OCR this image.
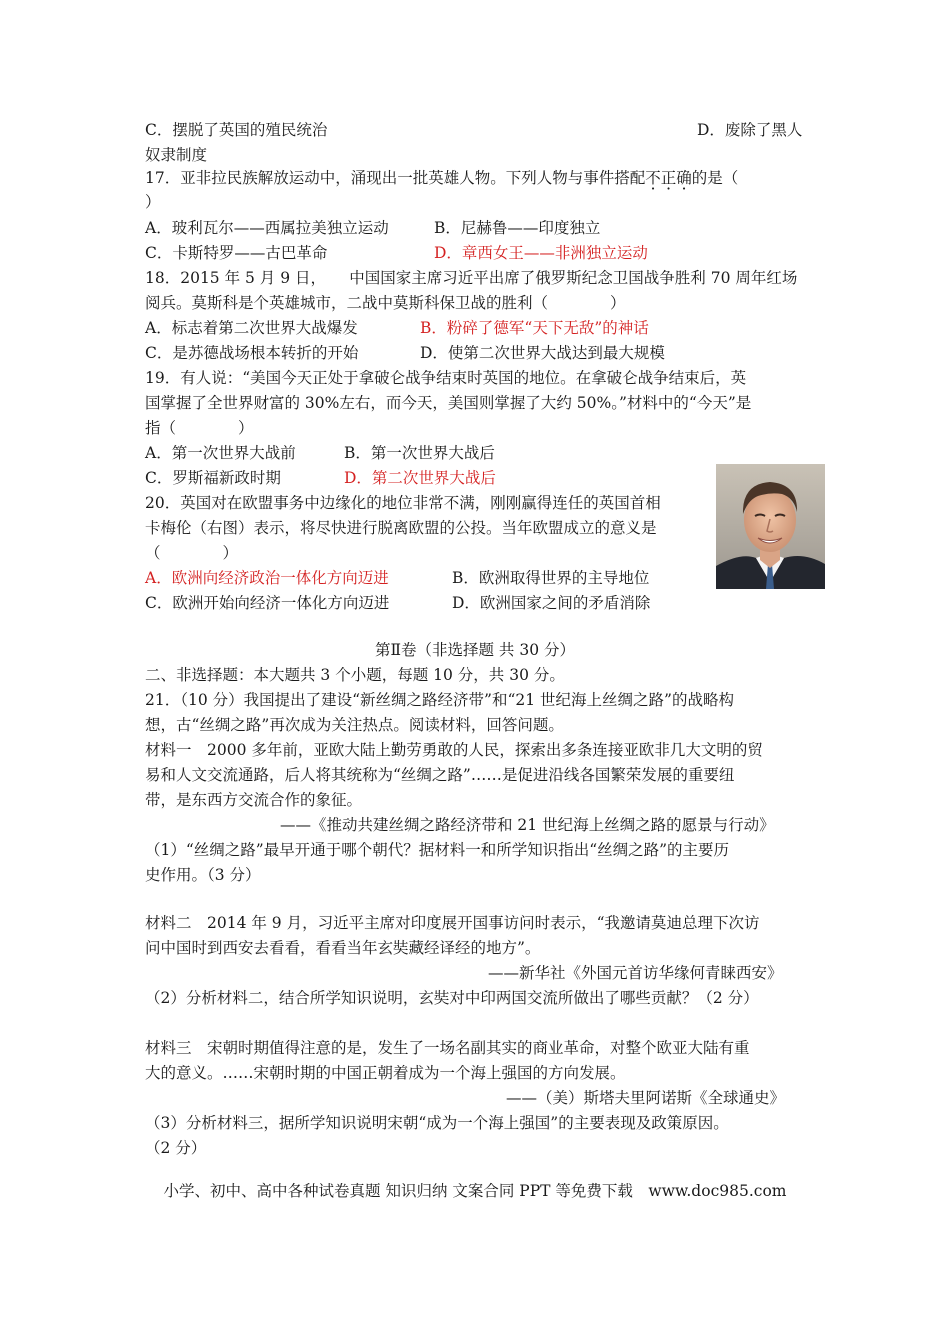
C．摆脱了英国的殖民统治	D．废除了黑人
奴隶制度
17．亚非拉民族解放运动中，涌现出一批英雄人物。下列人物与事件搭配不正确的是（
）
A．玻利瓦尔——西属拉美独立运动	B．尼赫鲁——印度独立
C．卡斯特罗——古巴革命	D．章西女王——非洲独立运动
18．2015 年 5 月 9 日，　　中国国家主席习近平出席了俄罗斯纪念卫国战争胜利 70 周年红场
阅兵。莫斯科是个英雄城市，二战中莫斯科保卫战的胜利（　　　　）
A．标志着第二次世界大战爆发	B．粉碎了德军“天下无敌”的神话
C．是苏德战场根本转折的开始	D．使第二次世界大战达到最大规模
19．有人说：“美国今天正处于拿破仑战争结束时英国的地位。在拿破仑战争结束后，英
国掌握了全世界财富的 30%左右，而今天，美国则掌握了大约 50%。”材料中的“今天”是
指（　　　　）
A．第一次世界大战前	B．第一次世界大战后
C．罗斯福新政时期	D．第二次世界大战后
20．英国对在欧盟事务中边缘化的地位非常不满，刚刚赢得连任的英国首相
卡梅伦（右图）表示，将尽快进行脱离欧盟的公投。当年欧盟成立的意义是
（　　　　）
A．欧洲向经济政治一体化方向迈进	B．欧洲取得世界的主导地位
C．欧洲开始向经济一体化方向迈进	D．欧洲国家之间的矛盾消除
第Ⅱ卷（非选择题 共 30 分）
二、非选择题：本大题共 3 个小题，每题 10 分，共 30 分。
21．（10 分）我国提出了建设“新丝绸之路经济带”和“21 世纪海上丝绸之路”的战略构
想，古“丝绸之路”再次成为关注热点。阅读材料，回答问题。
材料一　2000 多年前，亚欧大陆上勤劳勇敢的人民，探索出多条连接亚欧非几大文明的贸
易和人文交流通路，后人将其统称为“丝绸之路”……是促进沿线各国繁荣发展的重要纽
带，是东西方交流合作的象征。
——《推动共建丝绸之路经济带和 21 世纪海上丝绸之路的愿景与行动》
（1）“丝绸之路”最早开通于哪个朝代？据材料一和所学知识指出“丝绸之路”的主要历
史作用。（3 分）
材料二　2014 年 9 月，习近平主席对印度展开国事访问时表示，“我邀请莫迪总理下次访
问中国时到西安去看看，看看当年玄奘藏经译经的地方”。
——新华社《外国元首访华缘何青睐西安》
（2）分析材料二，结合所学知识说明，玄奘对中印两国交流所做出了哪些贡献？（2 分）
材料三　宋朝时期值得注意的是，发生了一场名副其实的商业革命，对整个欧亚大陆有重
大的意义。……宋朝时期的中国正朝着成为一个海上强国的方向发展。
——（美）斯塔夫里阿诺斯《全球通史》
（3）分析材料三，据所学知识说明宋朝“成为一个海上强国”的主要表现及政策原因。
（2 分）
小学、初中、高中各种试卷真题 知识归纳 文案合同 PPT 等免费下载　www.doc985.com
